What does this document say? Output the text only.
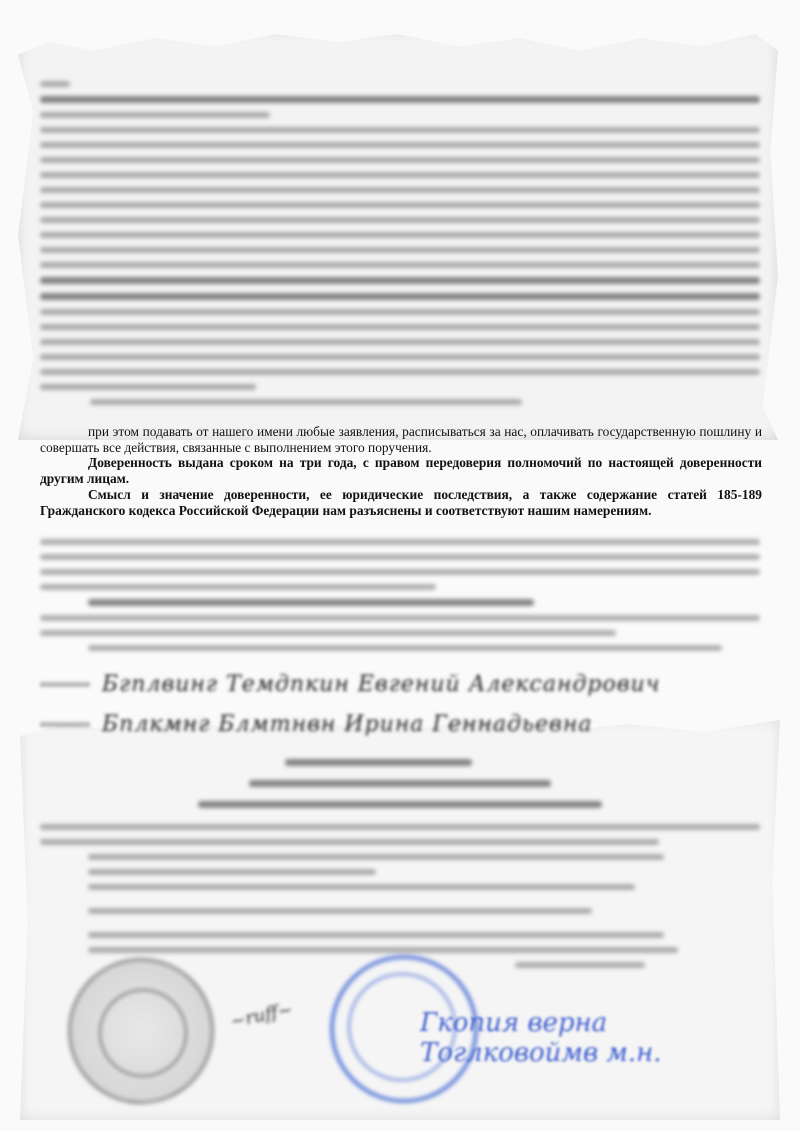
при этом подавать от нашего имени любые заявления, расписываться за нас, оплачивать государственную пошлину и совершать все действия, связанные с выполнением этого поручения.

Доверенность выдана сроком на три года, с правом передоверия полномочий по настоящей доверенности другим лицам.

Смысл и значение доверенности, ее юридические последствия, а также содержание статей 185-189 Гражданского кодекса Российской Федерации нам разъяснены и соответствуют нашим намерениям.

Бгплвинг Темдпкин Евгений Александрович
Бплкмнг Блмтнвн Ирина Геннадьевна
~ruff~	Гкопия верна
Тоглковоймв м.н.
